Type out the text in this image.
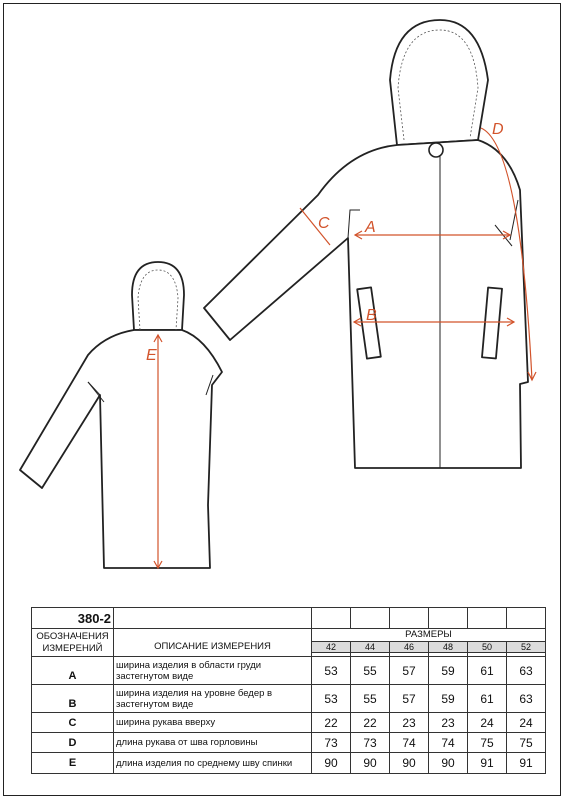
E
A
B
C
D
380-2							
ОБОЗНАЧЕНИЯ ИЗМЕРЕНИЙ	ОПИСАНИЕ ИЗМЕРЕНИЯ	РАЗМЕРЫ					
		42	44	46	48	50	52

A	ширина изделия в области груди застегнутом виде	53	55	57	59	61	63
B	ширина изделия на уровне бедер в застегнутом виде	53	55	57	59	61	63
C	ширина рукава вверху	22	22	23	23	24	24
D	длина рукава от шва горловины	73	73	74	74	75	75
E	длина изделия по среднему шву спинки	90	90	90	90	91	91
